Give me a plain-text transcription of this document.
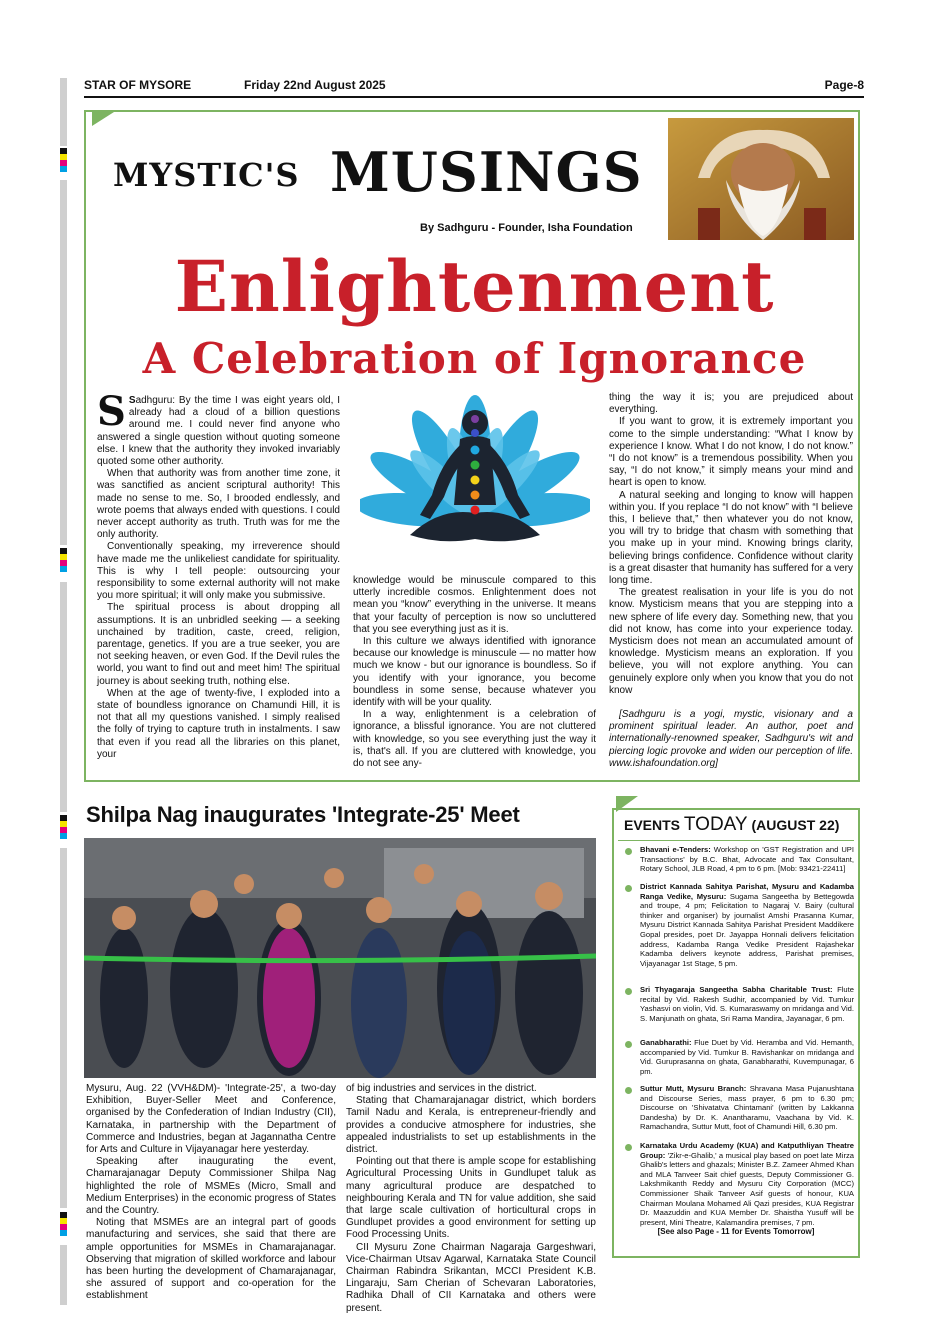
STAR OF MYSORE	Friday 22nd August 2025	Page-8
MYSTIC'S MUSINGS
By Sadhguru - Founder, Isha Foundation
Enlightenment
A Celebration of Ignorance
S Sadhguru: By the time I was eight years old, I already had a cloud of a billion questions around me. I could never find anyone who answered a single question without quoting someone else. I knew that the authority they invoked invariably quoted some other authority.

When that authority was from another time zone, it was sanctified as ancient scriptural authority! This made no sense to me. So, I brooded endlessly, and wrote poems that always ended with questions. I could never accept authority as truth. Truth was for me the only authority.

Conventionally speaking, my irreverence should have made me the unlikeliest candidate for spirituality. This is why I tell people: outsourcing your responsibility to some external authority will not make you more spiritual; it will only make you submissive.

The spiritual process is about dropping all assumptions. It is an unbridled seeking — a seeking unchained by tradition, caste, creed, religion, parentage, genetics. If you are a true seeker, you are not seeking heaven, or even God. If the Devil rules the world, you want to find out and meet him! The spiritual journey is about seeking truth, nothing else.

When at the age of twenty-five, I exploded into a state of boundless ignorance on Chamundi Hill, it is not that all my questions vanished. I simply realised the folly of trying to capture truth in instalments. I saw that even if you read all the libraries on this planet, your

knowledge would be minuscule compared to this utterly incredible cosmos. Enlightenment does not mean you “know” everything in the universe. It means that your faculty of perception is now so uncluttered that you see everything just as it is.

In this culture we always identified with ignorance because our knowledge is minuscule — no matter how much we know - but our ignorance is boundless. So if you identify with your ignorance, you become boundless in some sense, because whatever you identify with will be your quality.

In a way, enlightenment is a celebration of ignorance, a blissful ignorance. You are not cluttered with knowledge, so you see everything just the way it is, that's all. If you are cluttered with knowledge, you do not see any-

thing the way it is; you are prejudiced about everything.

If you want to grow, it is extremely important you come to the simple understanding: “What I know by experience I know. What I do not know, I do not know.” “I do not know” is a tremendous possibility. When you say, “I do not know,” it simply means your mind and heart is open to know.

A natural seeking and longing to know will happen within you. If you replace “I do not know” with “I believe this, I believe that,” then whatever you do not know, you will try to bridge that chasm with something that you make up in your mind. Knowing brings clarity, believing brings confidence. Confidence without clarity is a great disaster that humanity has suffered for a very long time.

The greatest realisation in your life is you do not know. Mysticism means that you are stepping into a new sphere of life every day. Something new, that you did not know, has come into your experience today. Mysticism does not mean an accumulated amount of knowledge. Mysticism means an exploration. If you believe, you will not explore anything. You can genuinely explore only when you know that you do not know

[Sadhguru is a yogi, mystic, visionary and a prominent spiritual leader. An author, poet and internationally-renowned speaker, Sadhguru's wit and piercing logic provoke and widen our perception of life. www.ishafoundation.org]

Shilpa Nag inaugurates 'Integrate-25' Meet

Mysuru, Aug. 22 (VVH&DM)- 'Integrate-25', a two-day Exhibition, Buyer-Seller Meet and Conference, organised by the Confederation of Indian Industry (CII), Karnataka, in partnership with the Department of Commerce and Industries, began at Jagannatha Centre for Arts and Culture in Vijayanagar here yesterday.

Speaking after inaugurating the event, Chamarajanagar Deputy Commissioner Shilpa Nag highlighted the role of MSMEs (Micro, Small and Medium Enterprises) in the economic progress of States and the Country.

Noting that MSMEs are an integral part of goods manufacturing and services, she said that there are ample opportunities for MSMEs in Chamarajanagar. Observing that migration of skilled workforce and labour has been hurting the development of Chamarajanagar, she assured of support and co-operation for the establishment

of big industries and services in the district.

Stating that Chamarajanagar district, which borders Tamil Nadu and Kerala, is entrepreneur-friendly and provides a conducive atmosphere for industries, she appealed industrialists to set up establishments in the district.

Pointing out that there is ample scope for establishing Agricultural Processing Units in Gundlupet taluk as many agricultural produce are despatched to neighbouring Kerala and TN for value addition, she said that large scale cultivation of horticultural crops in Gundlupet provides a good environment for setting up Food Processing Units.

CII Mysuru Zone Chairman Nagaraja Gargeshwari, Vice-Chairman Utsav Agarwal, Karnataka State Council Chairman Rabindra Srikantan, MCCI President K.B. Lingaraju, Sam Cherian of Schevaran Laboratories, Radhika Dhall of CII Karnataka and others were present.

EVENTS TODAY (AUGUST 22)
Bhavani e-Tenders: Workshop on 'GST Registration and UPI Transactions' by B.C. Bhat, Advocate and Tax Consultant, Rotary School, JLB Road, 4 pm to 6 pm. [Mob: 93421-22411]
District Kannada Sahitya Parishat, Mysuru and Kadamba Ranga Vedike, Mysuru: Sugama Sangeetha by Bettegowda and troupe, 4 pm; Felicitation to Nagaraj V. Bairy (cultural thinker and organiser) by journalist Amshi Prasanna Kumar, Mysuru District Kannada Sahitya Parishat President Maddikere Gopal presides, poet Dr. Jayappa Honnali delivers felicitation address, Kadamba Ranga Vedike President Rajashekar Kadamba delivers keynote address, Parishat premises, Vijayanagar 1st Stage, 5 pm.
Sri Thyagaraja Sangeetha Sabha Charitable Trust: Flute recital by Vid. Rakesh Sudhir, accompanied by Vid. Tumkur Yashasvi on violin, Vid. S. Kumaraswamy on mridanga and Vid. S. Manjunath on ghata, Sri Rama Mandira, Jayanagar, 6 pm.
Ganabharathi: Flue Duet by Vid. Heramba and Vid. Hemanth, accompanied by Vid. Tumkur B. Ravishankar on mridanga and Vid. Guruprasanna on ghata, Ganabharathi, Kuvempunagar, 6 pm.
Suttur Mutt, Mysuru Branch: Shravana Masa Pujanushtana and Discourse Series, mass prayer, 6 pm to 6.30 pm; Discourse on 'Shivatatva Chintamani' (written by Lakkanna Dandesha) by Dr. K. Anantharamu, Vaachana by Vid. K. Ramachandra, Suttur Mutt, foot of Chamundi Hill, 6.30 pm.
Karnataka Urdu Academy (KUA) and Katputhliyan Theatre Group: 'Zikr-e-Ghalib,' a musical play based on poet late Mirza Ghalib's letters and ghazals; Minister B.Z. Zameer Ahmed Khan and MLA Tanveer Sait chief guests, Deputy Commissioner G. Lakshmikanth Reddy and Mysuru City Corporation (MCC) Commissioner Shaik Tanveer Asif guests of honour, KUA Chairman Moulana Mohamed Ali Qazi presides, KUA Registrar Dr. Maazuddin and KUA Member Dr. Shaistha Yusuff will be present, Mini Theatre, Kalamandira premises, 7 pm.
[See also Page - 11 for Events Tomorrow]
